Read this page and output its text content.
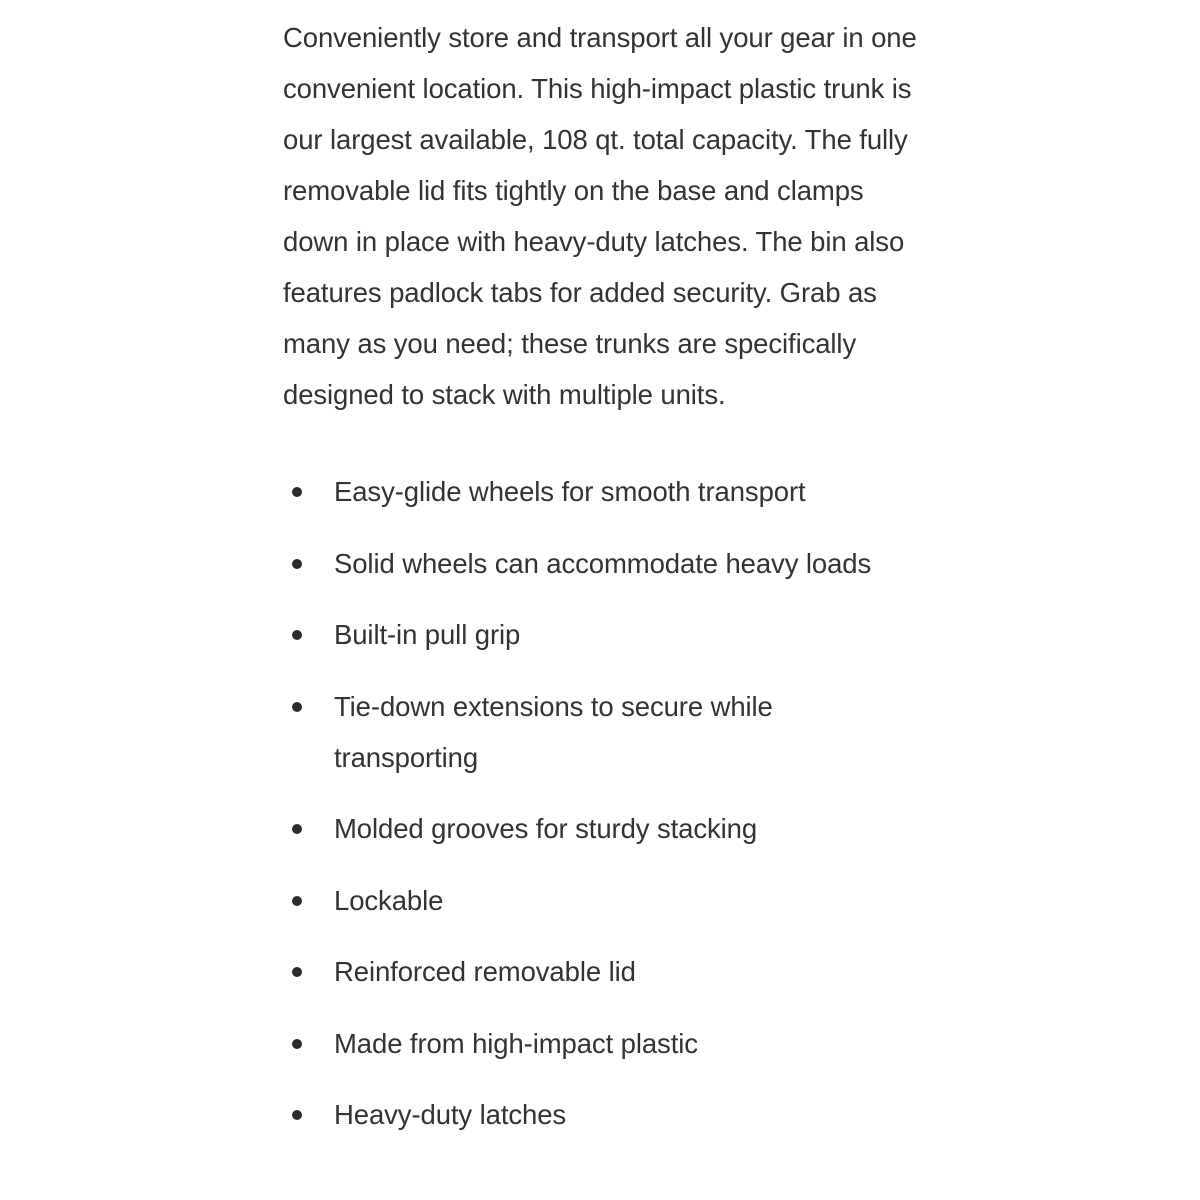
Conveniently store and transport all your gear in one convenient location. This high-impact plastic trunk is our largest available, 108 qt. total capacity. The fully removable lid fits tightly on the base and clamps down in place with heavy-duty latches. The bin also features padlock tabs for added security. Grab as many as you need; these trunks are specifically designed to stack with multiple units.

Easy-glide wheels for smooth transport
Solid wheels can accommodate heavy loads
Built-in pull grip
Tie-down extensions to secure while transporting
Molded grooves for sturdy stacking
Lockable
Reinforced removable lid
Made from high-impact plastic
Heavy-duty latches
